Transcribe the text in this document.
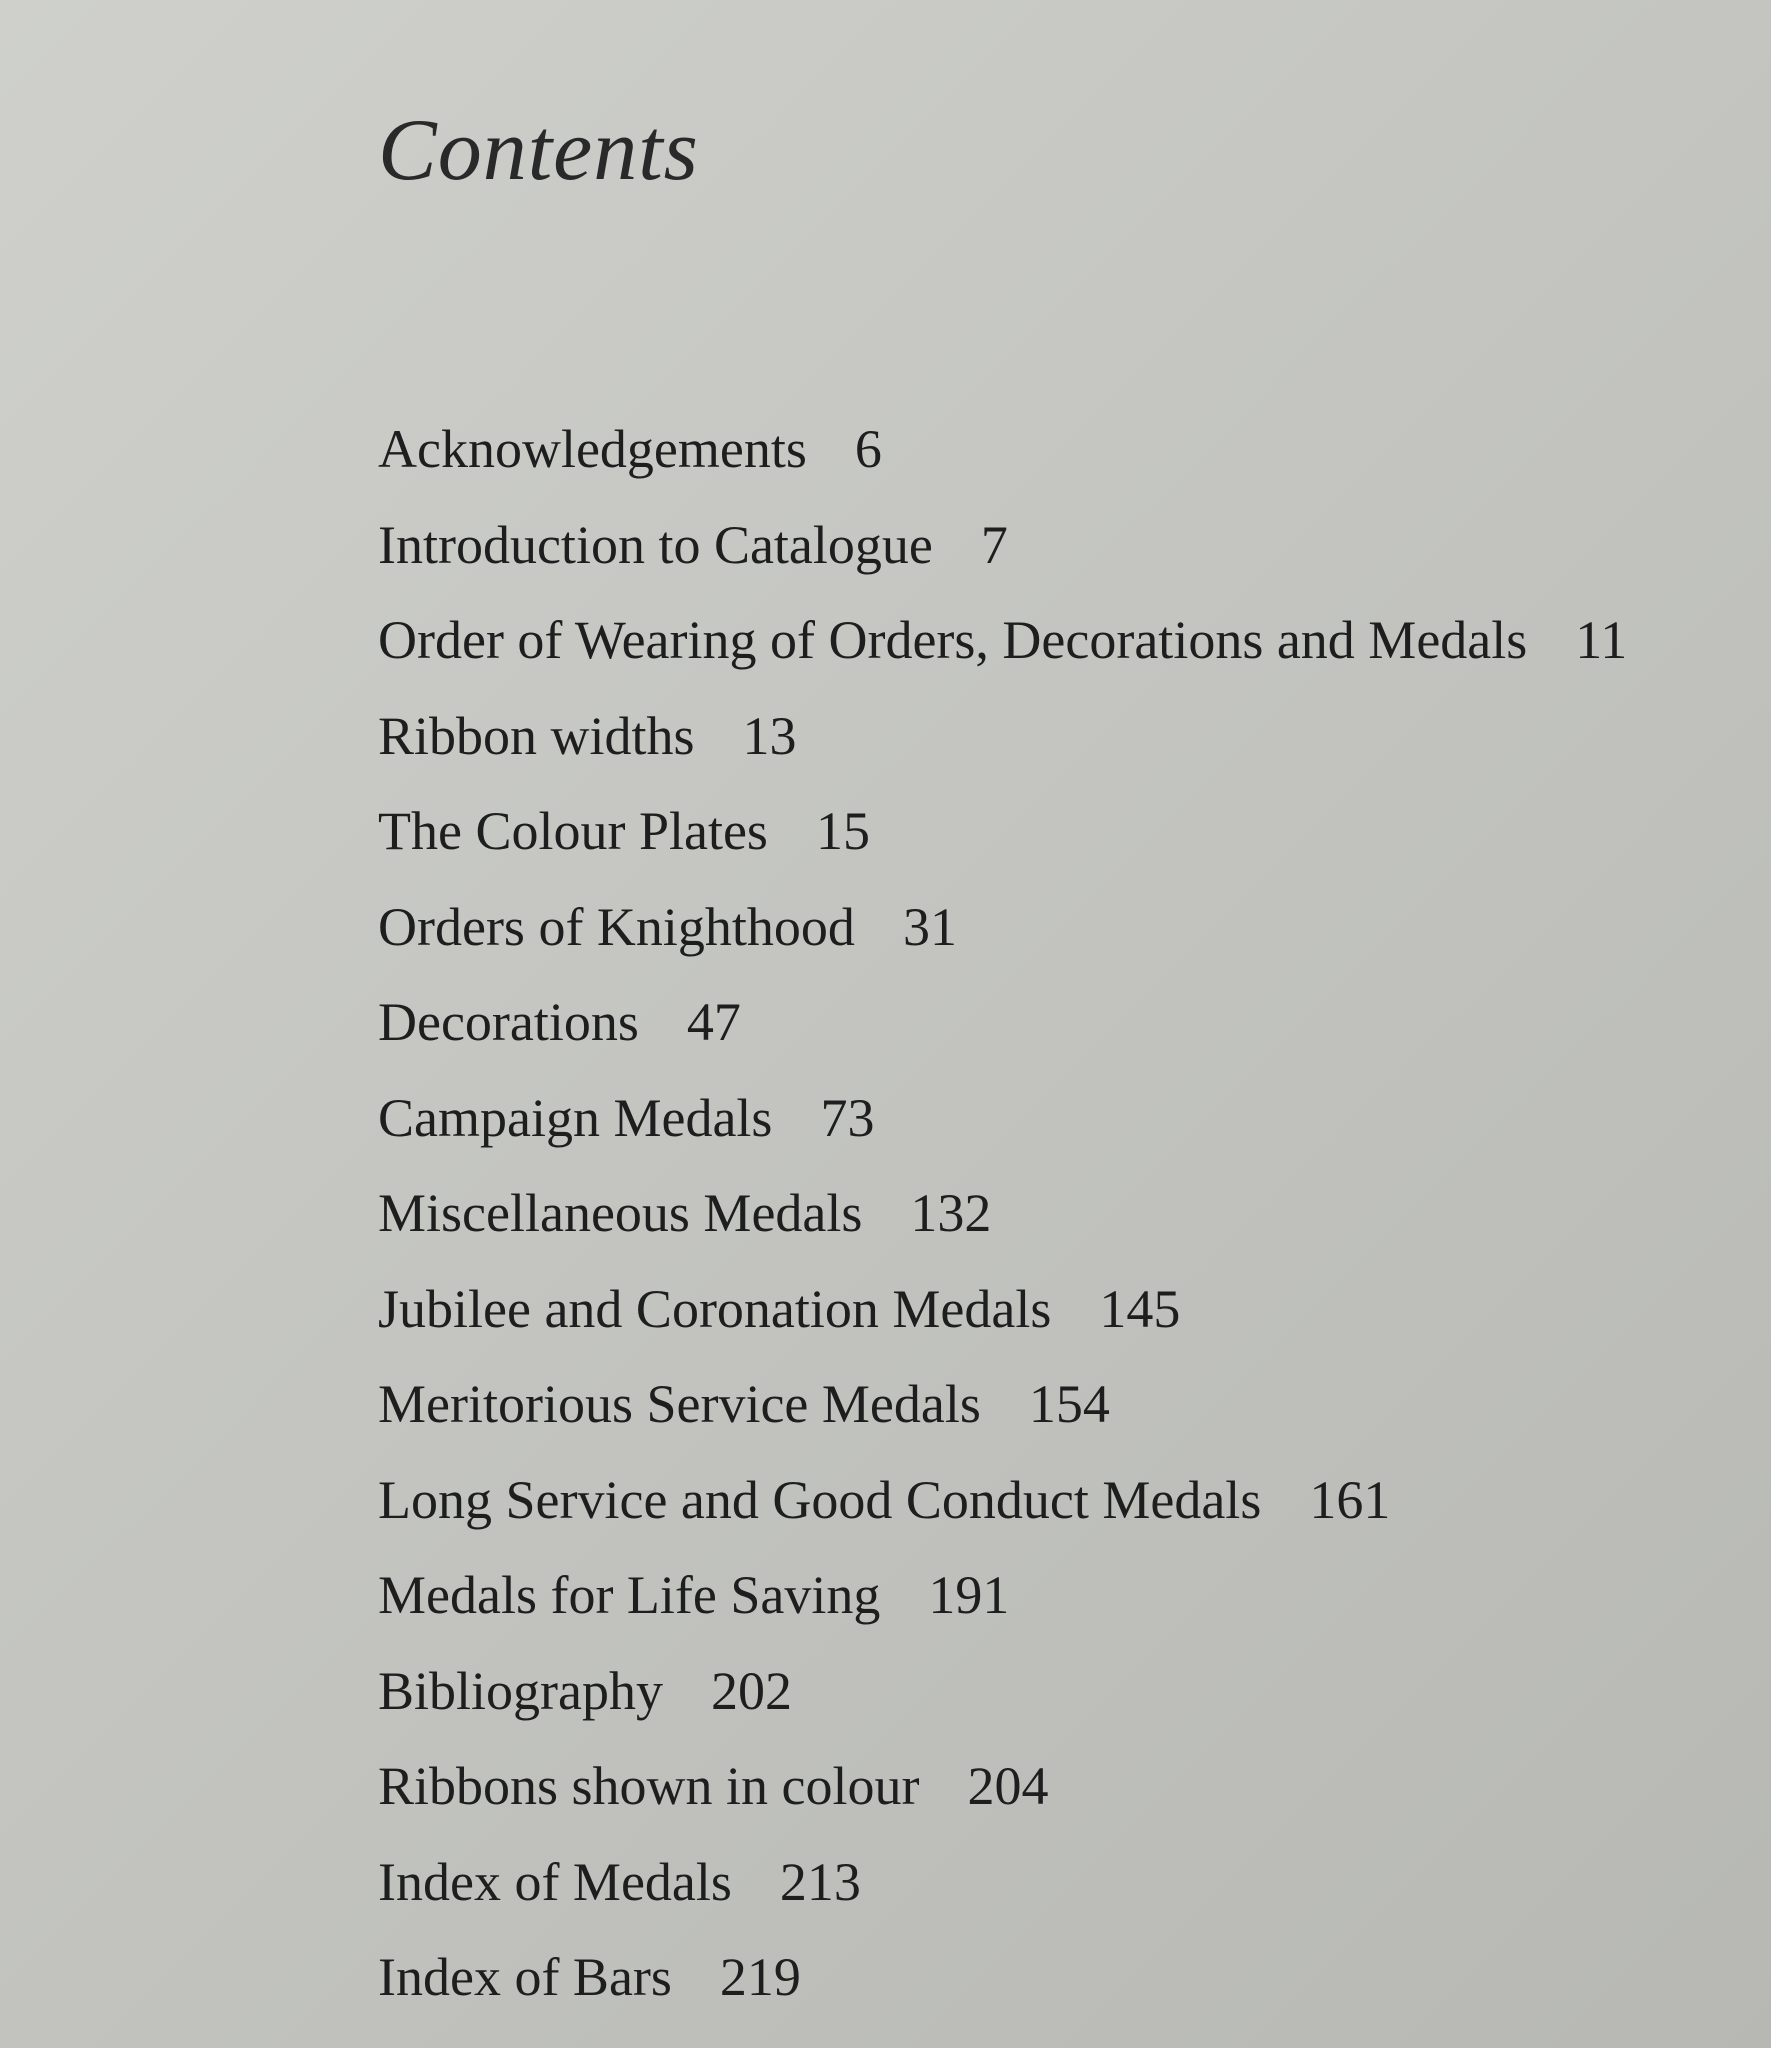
Contents
Acknowledgements 6
Introduction to Catalogue 7
Order of Wearing of Orders, Decorations and Medals 11
Ribbon widths 13
The Colour Plates 15
Orders of Knighthood 31
Decorations 47
Campaign Medals 73
Miscellaneous Medals 132
Jubilee and Coronation Medals 145
Meritorious Service Medals 154
Long Service and Good Conduct Medals 161
Medals for Life Saving 191
Bibliography 202
Ribbons shown in colour 204
Index of Medals 213
Index of Bars 219
